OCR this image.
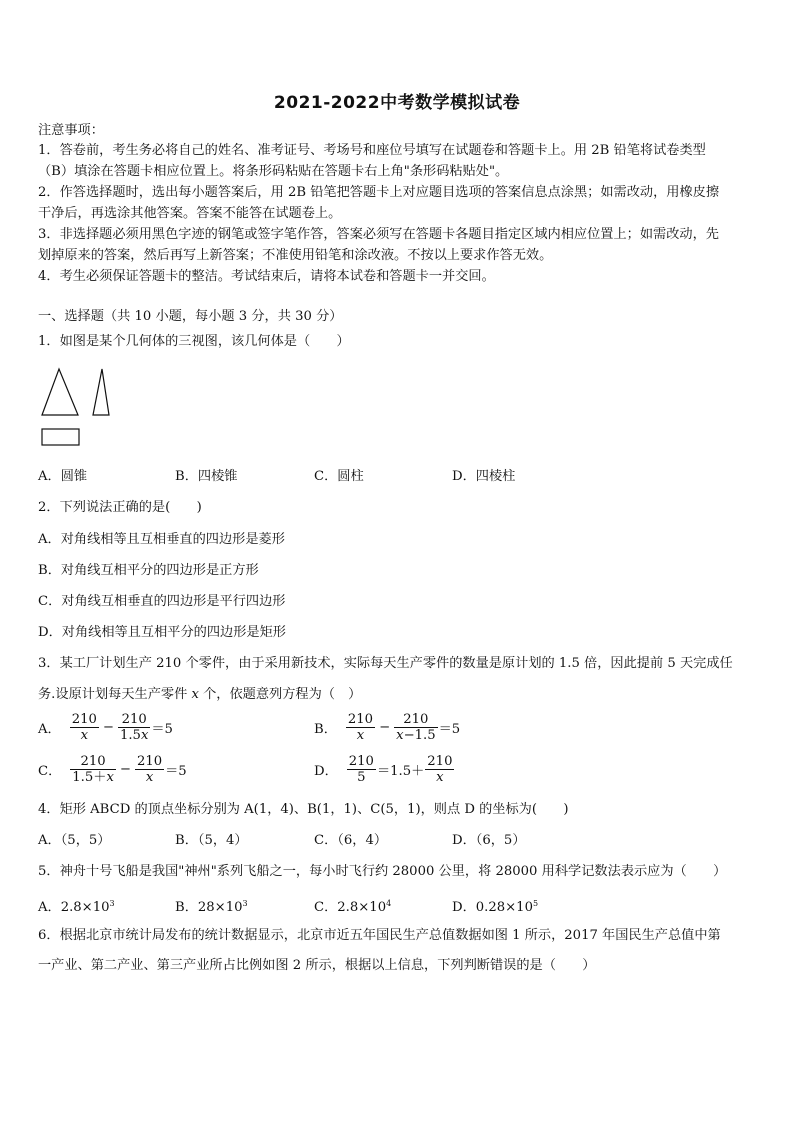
2021-2022中考数学模拟试卷
注意事项：
1．答卷前，考生务必将自己的姓名、准考证号、考场号和座位号填写在试题卷和答题卡上。用 2B 铅笔将试卷类型
（B）填涂在答题卡相应位置上。将条形码粘贴在答题卡右上角"条形码粘贴处"。
2．作答选择题时，选出每小题答案后，用 2B 铅笔把答题卡上对应题目选项的答案信息点涂黑；如需改动，用橡皮擦
干净后，再选涂其他答案。答案不能答在试题卷上。
3．非选择题必须用黑色字迹的钢笔或签字笔作答，答案必须写在答题卡各题目指定区域内相应位置上；如需改动，先
划掉原来的答案，然后再写上新答案；不准使用铅笔和涂改液。不按以上要求作答无效。
4．考生必须保证答题卡的整洁。考试结束后，请将本试卷和答题卡一并交回。
一、选择题（共 10 小题，每小题 3 分，共 30 分）
1．如图是某个几何体的三视图，该几何体是（　　）
A．圆锥	B．四棱锥	C．圆柱	D．四棱柱
2．下列说法正确的是(　　)
A．对角线相等且互相垂直的四边形是菱形
B．对角线互相平分的四边形是正方形
C．对角线互相垂直的四边形是平行四边形
D．对角线相等且互相平分的四边形是矩形
3．某工厂计划生产 210 个零件，由于采用新技术，实际每天生产零件的数量是原计划的 1.5 倍，因此提前 5 天完成任
务.设原计划每天生产零件 x 个，依题意列方程为（　）
A． $\frac{210}{x} - \frac{210}{1.5x} =5$	B． $\frac{210}{x} - \frac{210}{x-1.5} =5$
C． $\frac{210}{1.5+x} - \frac{210}{x} =5$	D． $\frac{210}{5} =1.5+ \frac{210}{x}$
4．矩形 ABCD 的顶点坐标分别为 A(1，4)、B(1，1)、C(5，1)，则点 D 的坐标为(　　)
A．（5，5）	B．（5，4）	C．（6，4）	D．（6，5）
5．神舟十号飞船是我国"神州"系列飞船之一，每小时飞行约 28000 公里，将 28000 用科学记数法表示应为（　　）
A．$2.8\times 10^3$	B．$28\times 10^3$	C．$2.8\times 10^4$	D．$0.28\times 10^5$
6．根据北京市统计局发布的统计数据显示，北京市近五年国民生产总值数据如图 1 所示，2017 年国民生产总值中第
一产业、第二产业、第三产业所占比例如图 2 所示，根据以上信息，下列判断错误的是（　　）
